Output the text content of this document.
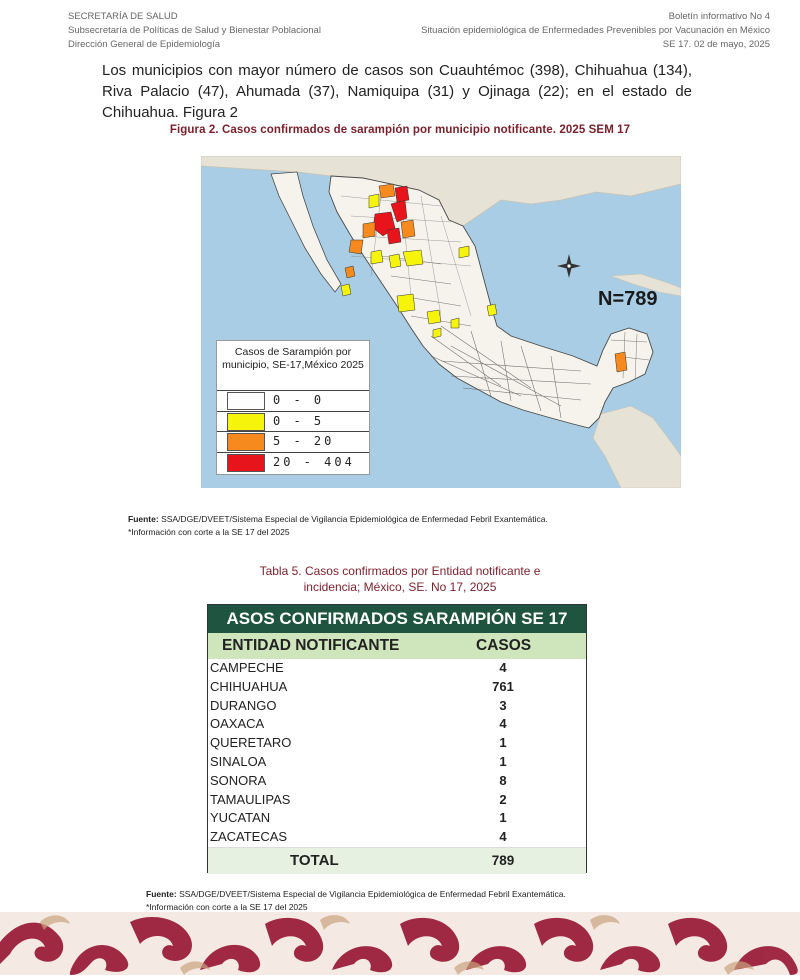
SECRETARÍA DE SALUD
Subsecretaría de Políticas de Salud y Bienestar Poblacional
Dirección General de Epidemiología
Boletín informativo No 4
Situación epidemiológica de Enfermedades Prevenibles por Vacunación en México
SE 17. 02 de mayo, 2025

Los municipios con mayor número de casos son Cuauhtémoc (398), Chihuahua (134), Riva Palacio (47), Ahumada (37), Namiquipa (31) y Ojinaga (22); en el estado de Chihuahua. Figura 2

Figura 2. Casos confirmados de sarampión por municipio notificante. 2025 SEM 17
N=789
Casos de Sarampión por municipio, SE-17,México 2025
0 - 0
0 - 5
5 - 20
20 - 404
Fuente: SSA/DGE/DVEET/Sistema Especial de Vigilancia Epidemiológica de Enfermedad Febril Exantemática.
*Información con corte a la SE 17 del 2025
Tabla 5. Casos confirmados por Entidad notificante e
incidencia; México, SE. No 17, 2025
ASOS CONFIRMADOS SARAMPIÓN SE 17
ENTIDAD NOTIFICANTE	CASOS
CAMPECHE	4
CHIHUAHUA	761
DURANGO	3
OAXACA	4
QUERETARO	1
SINALOA	1
SONORA	8
TAMAULIPAS	2
YUCATAN	1
ZACATECAS	4
TOTAL	789
Fuente: SSA/DGE/DVEET/Sistema Especial de Vigilancia Epidemiológica de Enfermedad Febril Exantemática.
*Información con corte a la SE 17 del 2025
